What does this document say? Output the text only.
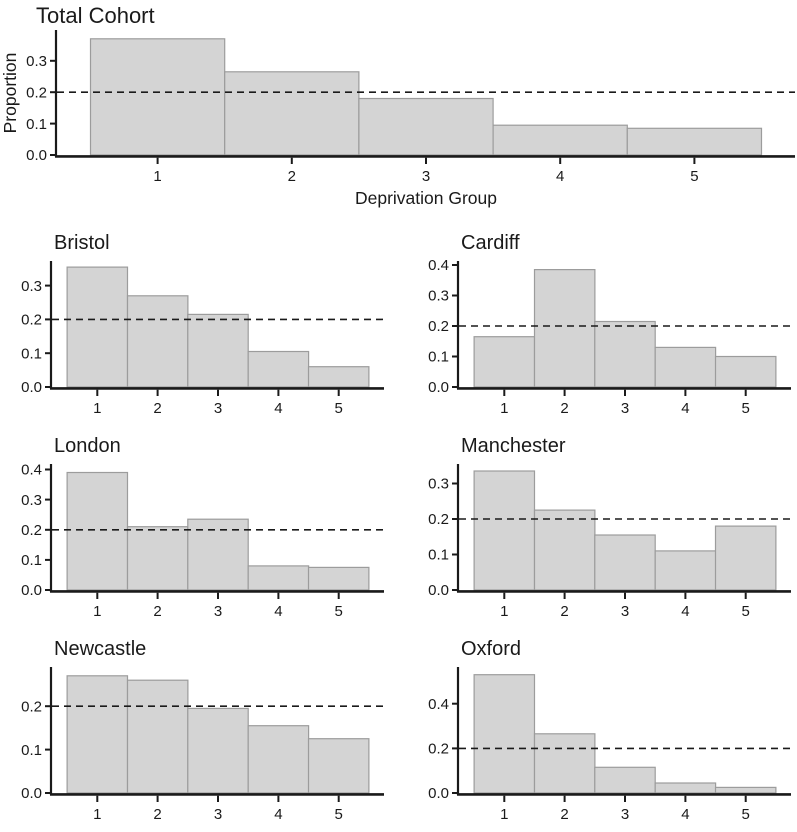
0.0
0.1
0.2
0.3
1	2	3	4	5
Total Cohort
Proportion
Deprivation Group
0.0
0.1
0.2
0.3
1	2	3	4	5
Bristol
0.0
0.1
0.2
0.3
0.4
1	2	3	4	5
Cardiff
0.0
0.1
0.2
0.3
0.4
1	2	3	4	5
London
0.0
0.1
0.2
0.3
1	2	3	4	5
Manchester
0.0
0.1
0.2
1	2	3	4	5
Newcastle
0.0
0.2
0.4
1	2	3	4	5
Oxford
